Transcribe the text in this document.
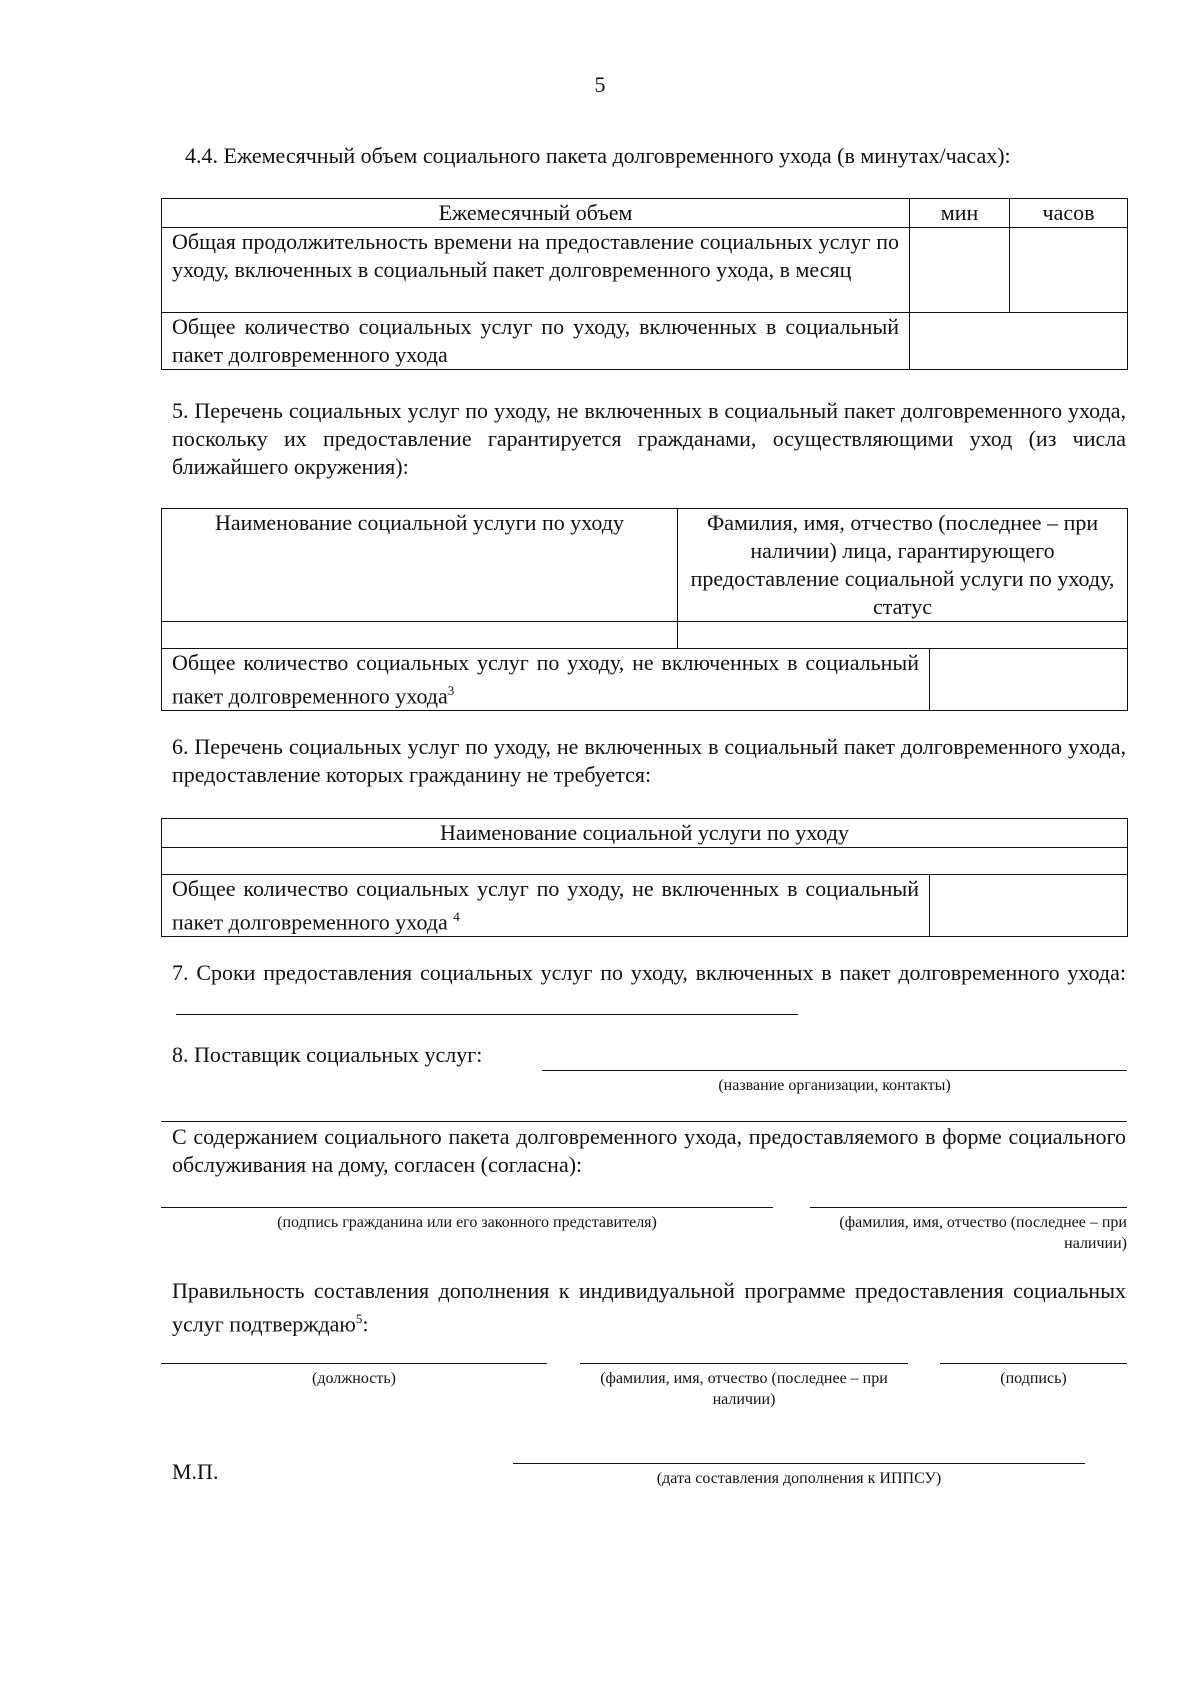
5
4.4. Ежемесячный объем социального пакета долговременного ухода (в минутах/часах):
Ежемесячный объем	мин	часов
Общая продолжительность времени на предоставление социальных услуг по уходу, включенных в социальный пакет долговременного ухода, в месяц		
Общее количество социальных услуг по уходу, включенных в социальный пакет долговременного ухода		
5. Перечень социальных услуг по уходу, не включенных в социальный пакет долговременного ухода, поскольку их предоставление гарантируется гражданами, осуществляющими уход (из числа ближайшего окружения):
Наименование социальной услуги по уходу	Фамилия, имя, отчество (последнее – при наличии) лица, гарантирующего предоставление социальной услуги по уходу, статус	

Общее количество социальных услуг по уходу, не включенных в социальный пакет долговременного ухода$^3$	
6. Перечень социальных услуг по уходу, не включенных в социальный пакет долговременного ухода, предоставление которых гражданину не требуется:
Наименование социальной услуги по уходу

Общее количество социальных услуг по уходу, не включенных в социальный пакет долговременного ухода $^4$	
7. Сроки предоставления социальных услуг по уходу, включенных в пакет долговременного ухода:
8. Поставщик социальных услуг:
(название организации, контакты)
С содержанием социального пакета долговременного ухода, предоставляемого в форме социального обслуживания на дому, согласен (согласна):
(подпись гражданина или его законного представителя)	(фамилия, имя, отчество (последнее – при наличии)
Правильность составления дополнения к индивидуальной программе предоставления социальных услуг подтверждаю$^5$:
(должность)	(фамилия, имя, отчество (последнее – при наличии)
(подпись)
М.П.	(дата составления дополнения к ИППСУ)
